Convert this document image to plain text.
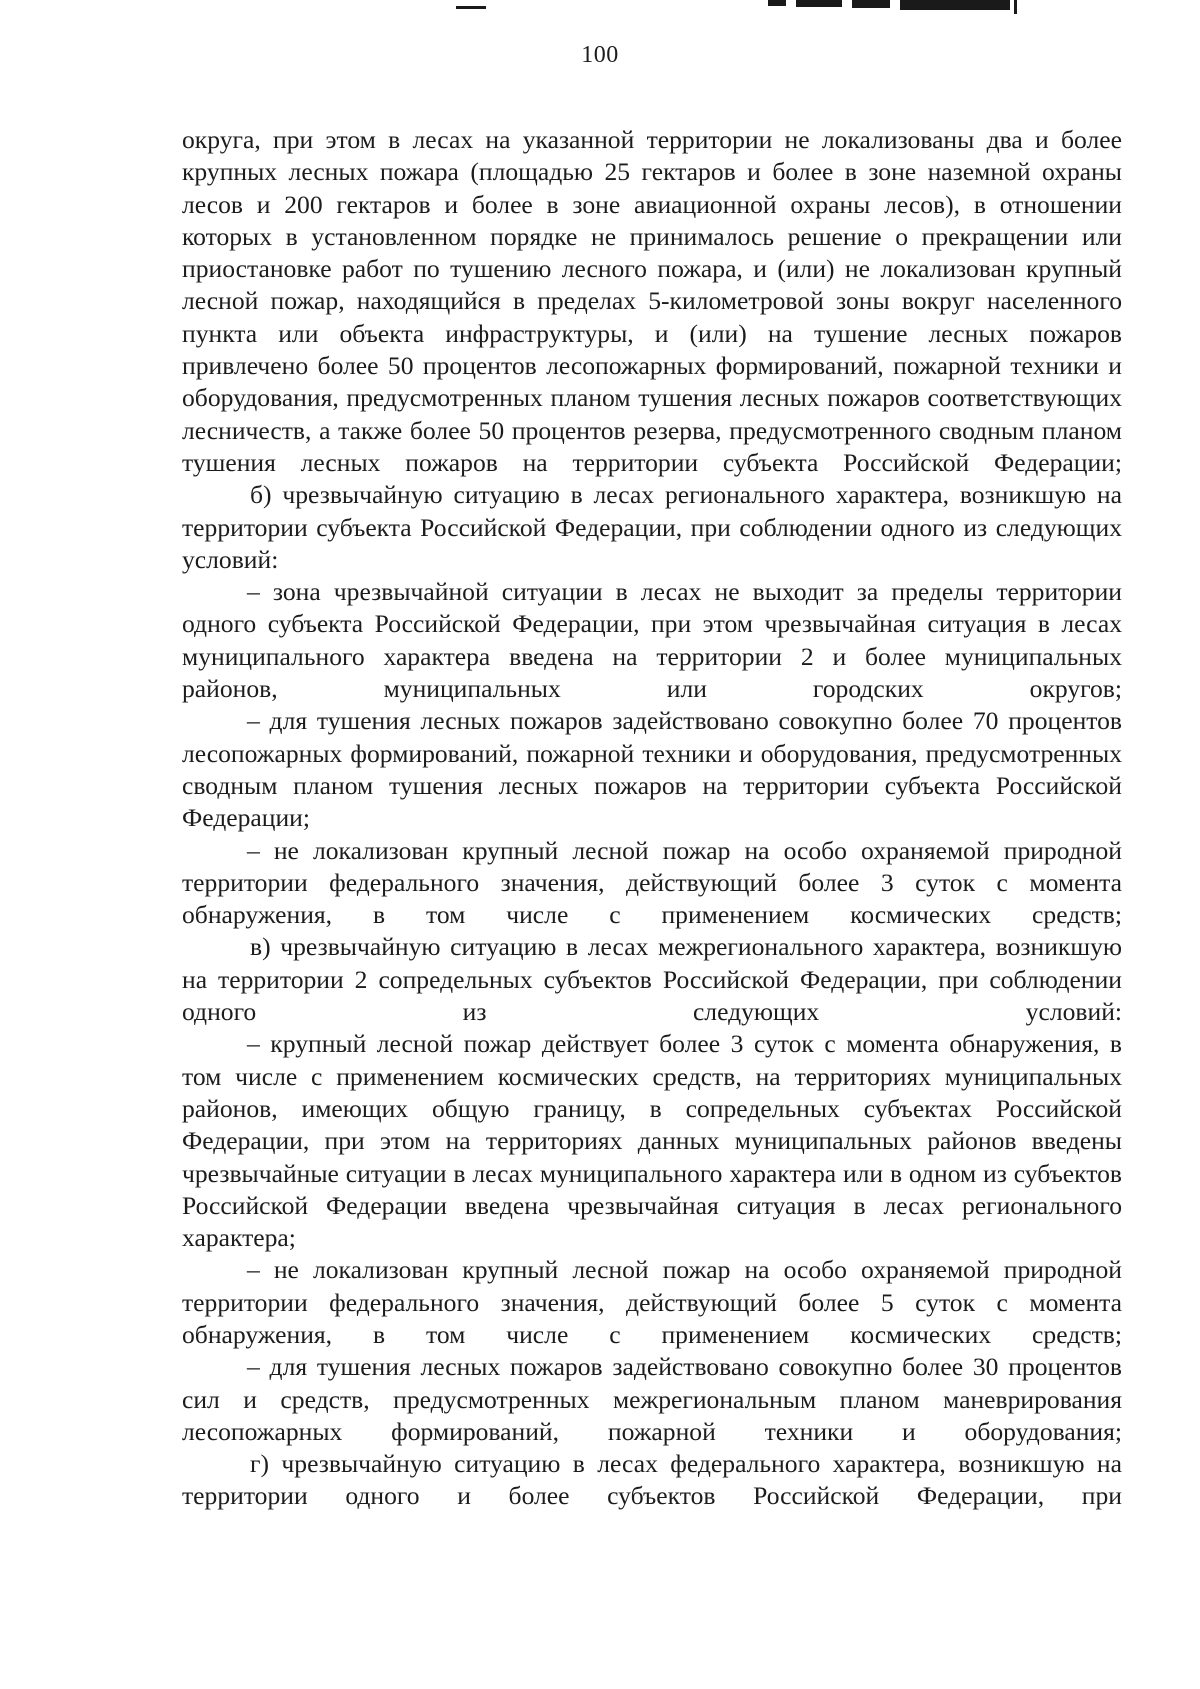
100

округа, при этом в лесах на указанной территории не локализованы два и более крупных лесных пожара (площадью 25 гектаров и более в зоне наземной охраны лесов и 200 гектаров и более в зоне авиационной охраны лесов), в отношении которых в установленном порядке не принималось решение о прекращении или приостановке работ по тушению лесного пожара, и (или) не локализован крупный лесной пожар, находящийся в пределах 5-километровой зоны вокруг населенного пункта или объекта инфраструктуры, и (или) на тушение лесных пожаров привлечено более 50 процентов лесопожарных формирований, пожарной техники и оборудования, предусмотренных планом тушения лесных пожаров соответствующих лесничеств, а также более 50 процентов резерва, предусмотренного сводным планом тушения лесных пожаров на территории субъекта Российской Федерации;

б) чрезвычайную ситуацию в лесах регионального характера, возникшую на территории субъекта Российской Федерации, при соблюдении одного из следующих условий:

– зона чрезвычайной ситуации в лесах не выходит за пределы территории одного субъекта Российской Федерации, при этом чрезвычайная ситуация в лесах муниципального характера введена на территории 2 и более муниципальных районов, муниципальных или городских округов;

– для тушения лесных пожаров задействовано совокупно более 70 процентов лесопожарных формирований, пожарной техники и оборудования, предусмотренных сводным планом тушения лесных пожаров на территории субъекта Российской Федерации;

– не локализован крупный лесной пожар на особо охраняемой природной территории федерального значения, действующий более 3 суток с момента обнаружения, в том числе с применением космических средств;

в) чрезвычайную ситуацию в лесах межрегионального характера, возникшую на территории 2 сопредельных субъектов Российской Федерации, при соблюдении одного из следующих условий:

– крупный лесной пожар действует более 3 суток с момента обнаружения, в том числе с применением космических средств, на территориях муниципальных районов, имеющих общую границу, в сопредельных субъектах Российской Федерации, при этом на территориях данных муниципальных районов введены чрезвычайные ситуации в лесах муниципального характера или в одном из субъектов Российской Федерации введена чрезвычайная ситуация в лесах регионального характера;

– не локализован крупный лесной пожар на особо охраняемой природной территории федерального значения, действующий более 5 суток с момента обнаружения, в том числе с применением космических средств;

– для тушения лесных пожаров задействовано совокупно более 30 процентов сил и средств, предусмотренных межрегиональным планом маневрирования лесопожарных формирований, пожарной техники и оборудования;

г) чрезвычайную ситуацию в лесах федерального характера, возникшую на территории одного и более субъектов Российской Федерации, при
